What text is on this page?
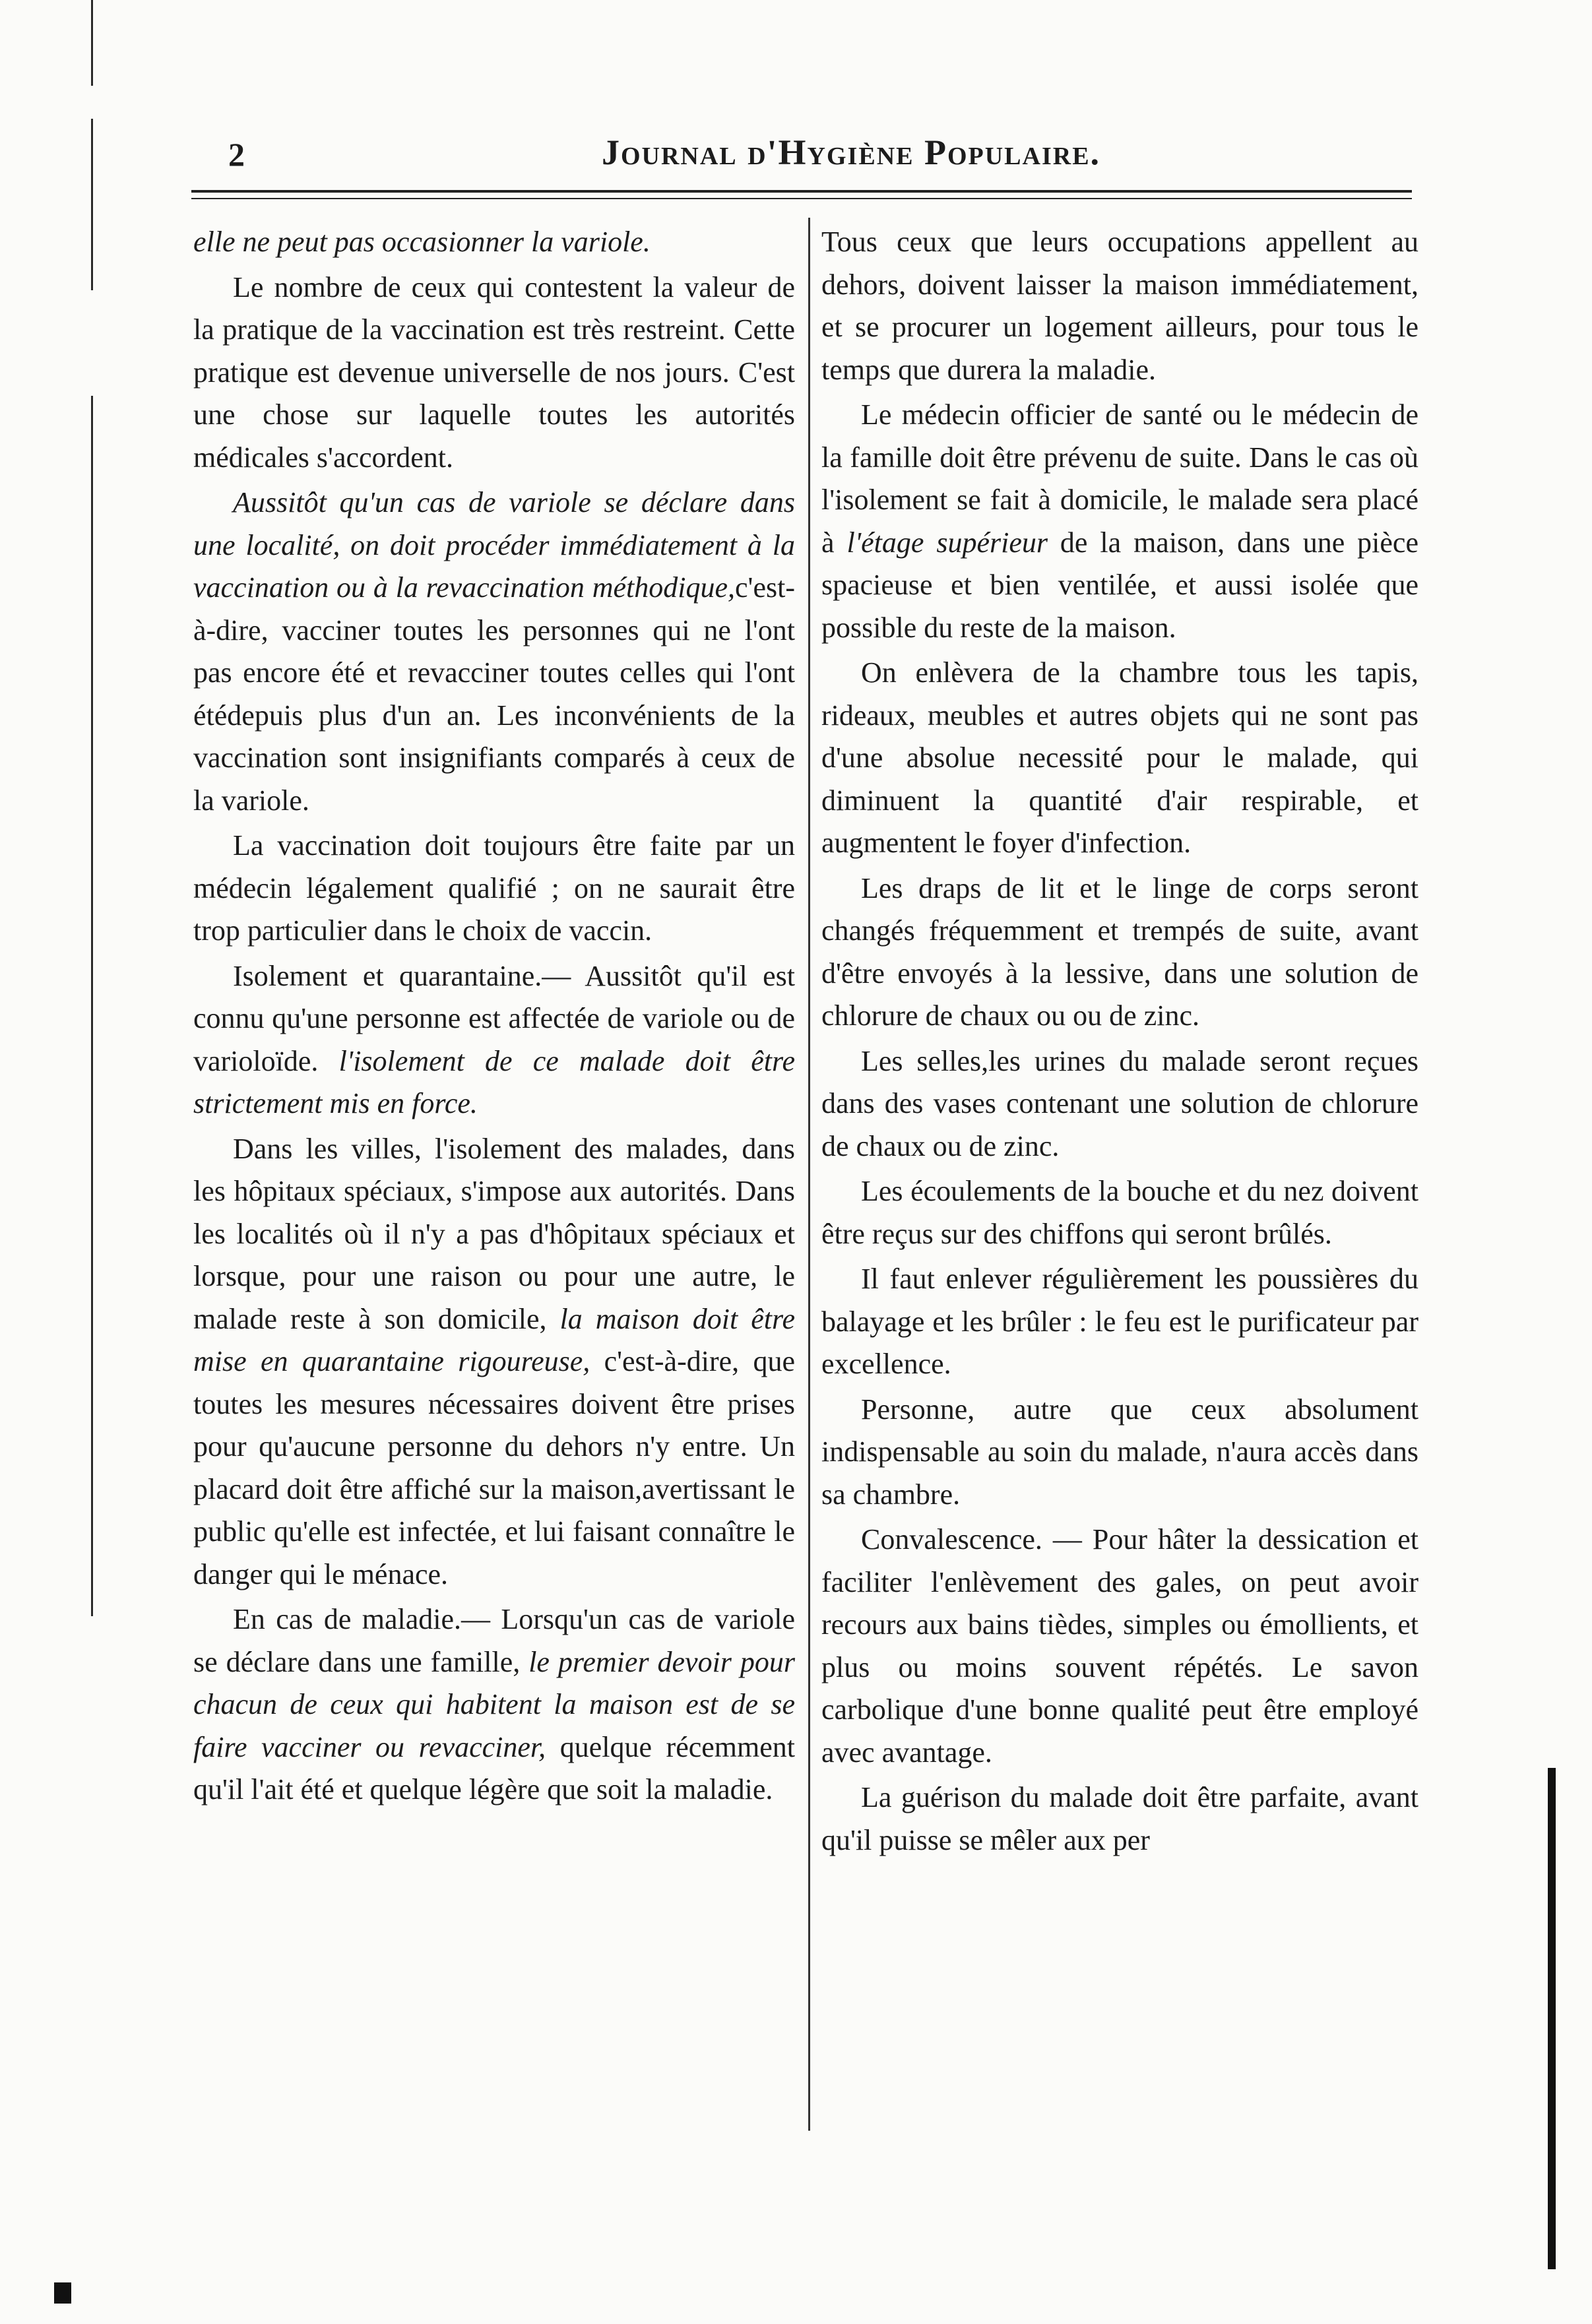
2	Journal d'Hygiène Populaire.

elle ne peut pas occasionner la variole.

Le nombre de ceux qui contestent la valeur de la pratique de la vaccination est très restreint. Cette pratique est devenue universelle de nos jours. C'est une chose sur laquelle toutes les autorités médicales s'accordent.

Aussitôt qu'un cas de variole se déclare dans une localité, on doit procéder immédiatement à la vaccination ou à la revaccination méthodique,c'est-à-dire, vacciner toutes les personnes qui ne l'ont pas encore été et revacciner toutes celles qui l'ont étédepuis plus d'un an. Les inconvénients de la vaccination sont insignifiants comparés à ceux de la variole.

La vaccination doit toujours être faite par un médecin légalement qualifié ; on ne saurait être trop particulier dans le choix de vaccin.

Isolement et quarantaine.— Aussitôt qu'il est connu qu'une personne est affectée de variole ou de varioloïde. l'isolement de ce malade doit être strictement mis en force.

Dans les villes, l'isolement des malades, dans les hôpitaux spéciaux, s'impose aux autorités. Dans les localités où il n'y a pas d'hôpitaux spéciaux et lorsque, pour une raison ou pour une autre, le malade reste à son domicile, la maison doit être mise en quarantaine rigoureuse, c'est-à-dire, que toutes les mesures nécessaires doivent être prises pour qu'aucune personne du dehors n'y entre. Un placard doit être affiché sur la maison,avertissant le public qu'elle est infectée, et lui faisant connaître le danger qui le ménace.

En cas de maladie.— Lorsqu'un cas de variole se déclare dans une famille, le premier devoir pour chacun de ceux qui habitent la maison est de se faire vacciner ou revacciner, quelque récemment qu'il l'ait été et quelque légère que soit la maladie.

Tous ceux que leurs occupations appellent au dehors, doivent laisser la maison immédiatement, et se procurer un logement ailleurs, pour tous le temps que durera la maladie.

Le médecin officier de santé ou le médecin de la famille doit être prévenu de suite. Dans le cas où l'isolement se fait à domicile, le malade sera placé à l'étage supérieur de la maison, dans une pièce spacieuse et bien ventilée, et aussi isolée que possible du reste de la maison.

On enlèvera de la chambre tous les tapis, rideaux, meubles et autres objets qui ne sont pas d'une absolue necessité pour le malade, qui diminuent la quantité d'air respirable, et augmentent le foyer d'infection.

Les draps de lit et le linge de corps seront changés fréquemment et trempés de suite, avant d'être envoyés à la lessive, dans une solution de chlorure de chaux ou ou de zinc.

Les selles,les urines du malade seront reçues dans des vases contenant une solution de chlorure de chaux ou de zinc.

Les écoulements de la bouche et du nez doivent être reçus sur des chiffons qui seront brûlés.

Il faut enlever régulièrement les poussières du balayage et les brûler : le feu est le purificateur par excellence.

Personne, autre que ceux absolument indispensable au soin du malade, n'aura accès dans sa chambre.

Convalescence. — Pour hâter la dessication et faciliter l'enlèvement des gales, on peut avoir recours aux bains tièdes, simples ou émollients, et plus ou moins souvent répétés. Le savon carbolique d'une bonne qualité peut être employé avec avantage.

La guérison du malade doit être parfaite, avant qu'il puisse se mêler aux per
